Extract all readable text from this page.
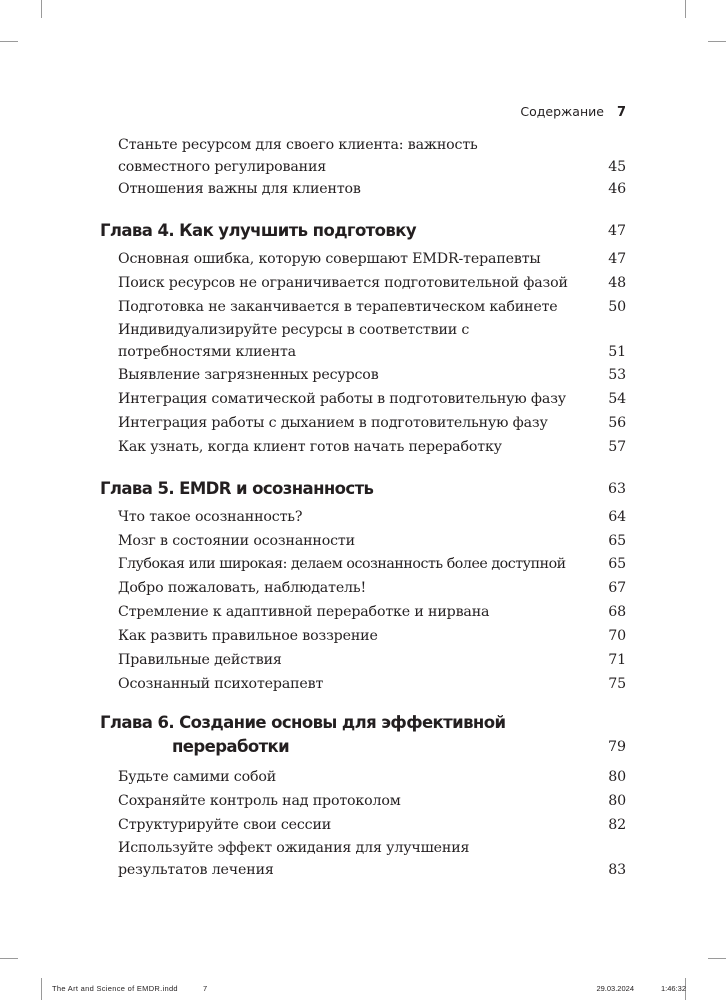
Содержание 7
Станьте ресурсом для своего клиента: важность совместного регулирования	45
Отношения важны для клиентов	46
Глава 4. Как улучшить подготовку	47
Основная ошибка, которую совершают EMDR-терапевты	47
Поиск ресурсов не ограничивается подготовительной фазой	48
Подготовка не заканчивается в терапевтическом кабинете	50
Индивидуализируйте ресурсы в соответствии с потребностями клиента	51
Выявление загрязненных ресурсов	53
Интеграция соматической работы в подготовительную фазу	54
Интеграция работы с дыханием в подготовительную фазу	56
Как узнать, когда клиент готов начать переработку	57
Глава 5. EMDR и осознанность	63
Что такое осознанность?	64
Мозг в состоянии осознанности	65
Глубокая или широкая: делаем осознанность более доступной	65
Добро пожаловать, наблюдатель!	67
Стремление к адаптивной переработке и нирвана	68
Как развить правильное воззрение	70
Правильные действия	71
Осознанный психотерапевт	75
Глава 6. Создание основы для эффективной
переработки	79
Будьте самими собой	80
Сохраняйте контроль над протоколом	80
Структурируйте свои сессии	82
Используйте эффект ожидания для улучшения результатов лечения	83
The Art and Science of EMDR.indd	7	29.03.2024	1:46:32
